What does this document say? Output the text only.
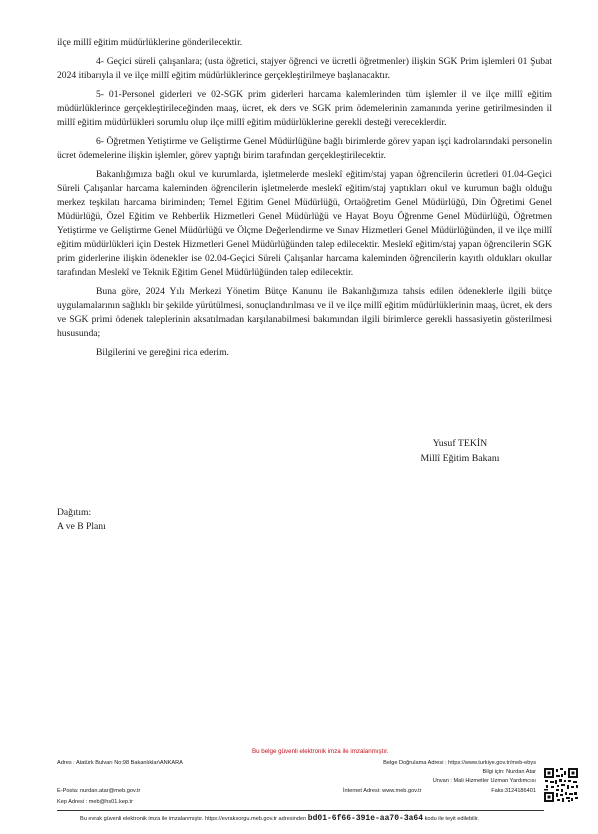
ilçe millî eğitim müdürlüklerine gönderilecektir.

4- Geçici süreli çalışanlara; (usta öğretici, stajyer öğrenci ve ücretli öğretmenler) ilişkin SGK Prim işlemleri 01 Şubat 2024 itibarıyla il ve ilçe millî eğitim müdürlüklerince gerçekleştirilmeye başlanacaktır.

5- 01-Personel giderleri ve 02-SGK prim giderleri harcama kalemlerinden tüm işlemler il ve ilçe millî eğitim müdürlüklerince gerçekleştirileceğinden maaş, ücret, ek ders ve SGK prim ödemelerinin zamanında yerine getirilmesinden il millî eğitim müdürlükleri sorumlu olup ilçe millî eğitim müdürlüklerine gerekli desteği vereceklerdir.

6- Öğretmen Yetiştirme ve Geliştirme Genel Müdürlüğüne bağlı birimlerde görev yapan işçi kadrolarındaki personelin ücret ödemelerine ilişkin işlemler, görev yaptığı birim tarafından gerçekleştirilecektir.

Bakanlığımıza bağlı okul ve kurumlarda, işletmelerde meslekî eğitim/staj yapan öğrencilerin ücretleri 01.04-Geçici Süreli Çalışanlar harcama kaleminden öğrencilerin işletmelerde meslekî eğitim/staj yaptıkları okul ve kurumun bağlı olduğu merkez teşkilatı harcama biriminden; Temel Eğitim Genel Müdürlüğü, Ortaöğretim Genel Müdürlüğü, Din Öğretimi Genel Müdürlüğü, Özel Eğitim ve Rehberlik Hizmetleri Genel Müdürlüğü ve Hayat Boyu Öğrenme Genel Müdürlüğü, Öğretmen Yetiştirme ve Geliştirme Genel Müdürlüğü ve Ölçme Değerlendirme ve Sınav Hizmetleri Genel Müdürlüğünden, il ve ilçe millî eğitim müdürlükleri için Destek Hizmetleri Genel Müdürlüğünden talep edilecektir. Meslekî eğitim/staj yapan öğrencilerin SGK prim giderlerine ilişkin ödenekler ise 02.04-Geçici Süreli Çalışanlar harcama kaleminden öğrencilerin kayıtlı oldukları okullar tarafından Meslekî ve Teknik Eğitim Genel Müdürlüğünden talep edilecektir.

Buna göre, 2024 Yılı Merkezi Yönetim Bütçe Kanunu ile Bakanlığımıza tahsis edilen ödeneklerle ilgili bütçe uygulamalarının sağlıklı bir şekilde yürütülmesi, sonuçlandırılması ve il ve ilçe millî eğitim müdürlüklerinin maaş, ücret, ek ders ve SGK primi ödenek taleplerinin aksatılmadan karşılanabilmesi bakımından ilgili birimlerce gerekli hassasiyetin gösterilmesi hususunda;

Bilgilerini ve gereğini rica ederim.

Yusuf TEKİN
Millî Eğitim Bakanı
Dağıtım:
A ve B Planı
Bu belge güvenli elektronik imza ile imzalanmıştır.
Adres : Atatürk Bulvarı No:98 Bakanlıklar\ANKARA	Belge Doğrulama Adresi : https://www.turkiye.gov.tr/meb-ebys
Bilgi için: Nurdan Atar
Unvan : Mali Hizmetler Uzman Yardımcısı
E-Posta: nurdan.atar@meb.gov.tr	İnternet Adresi: www.meb.gov.tr	Faks:3124186401
Kep Adresi : meb@hs01.kep.tr
Bu evrak güvenli elektronik imza ile imzalanmıştır. https://evraksorgu.meb.gov.tr adresinden bd01-6f66-391e-aa70-3a64 kodu ile teyit edilebilir.
